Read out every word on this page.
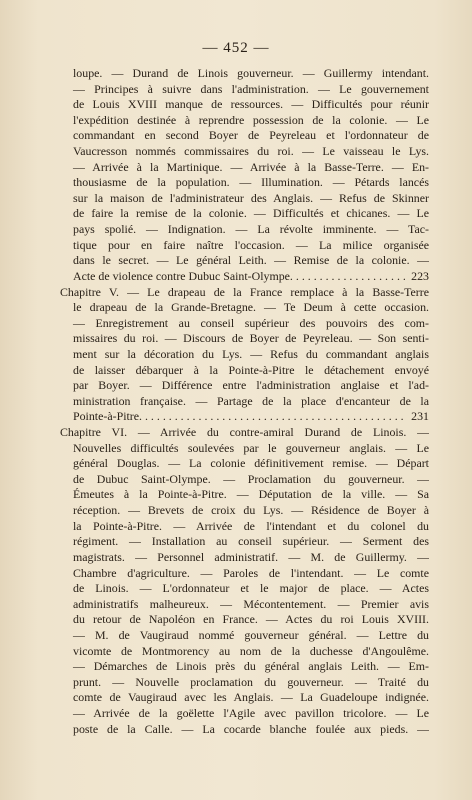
— 452 —
loupe. — Durand de Linois gouverneur. — Guillermy intendant.
— Principes à suivre dans l'administration. — Le gouvernement
de Louis XVIII manque de ressources. — Difficultés pour réunir
l'expédition destinée à reprendre possession de la colonie. — Le
commandant en second Boyer de Peyreleau et l'ordonnateur de
Vaucresson nommés commissaires du roi. — Le vaisseau le Lys.
— Arrivée à la Martinique. — Arrivée à la Basse-Terre. — En-
thousiasme de la population. — Illumination. — Pétards lancés
sur la maison de l'administrateur des Anglais. — Refus de Skinner
de faire la remise de la colonie. — Difficultés et chicanes. — Le
pays spolié. — Indignation. — La révolte imminente. — Tac-
tique pour en faire naître l'occasion. — La milice organisée
dans le secret. — Le général Leith. — Remise de la colonie. —
Acte de violence contre Dubuc Saint-Olympe. . . .	223
Chapitre V. — Le drapeau de la France remplace à la Basse-Terre
le drapeau de la Grande-Bretagne. — Te Deum à cette occasion.
— Enregistrement au conseil supérieur des pouvoirs des com-
missaires du roi. — Discours de Boyer de Peyreleau. — Son senti-
ment sur la décoration du Lys. — Refus du commandant anglais
de laisser débarquer à la Pointe-à-Pitre le détachement envoyé
par Boyer. — Différence entre l'administration anglaise et l'ad-
ministration française. — Partage de la place d'encanteur de la
Pointe-à-Pitre. . . .	231
Chapitre VI. — Arrivée du contre-amiral Durand de Linois. —
Nouvelles difficultés soulevées par le gouverneur anglais. — Le
général Douglas. — La colonie définitivement remise. — Départ
de Dubuc Saint-Olympe. — Proclamation du gouverneur. —
Émeutes à la Pointe-à-Pitre. — Députation de la ville. — Sa
réception. — Brevets de croix du Lys. — Résidence de Boyer à
la Pointe-à-Pitre. — Arrivée de l'intendant et du colonel du
régiment. — Installation au conseil supérieur. — Serment des
magistrats. — Personnel administratif. — M. de Guillermy. —
Chambre d'agriculture. — Paroles de l'intendant. — Le comte
de Linois. — L'ordonnateur et le major de place. — Actes
administratifs malheureux. — Mécontentement. — Premier avis
du retour de Napoléon en France. — Actes du roi Louis XVIII.
— M. de Vaugiraud nommé gouverneur général. — Lettre du
vicomte de Montmorency au nom de la duchesse d'Angoulême.
— Démarches de Linois près du général anglais Leith. — Em-
prunt. — Nouvelle proclamation du gouverneur. — Traité du
comte de Vaugiraud avec les Anglais. — La Guadeloupe indignée.
— Arrivée de la goëlette l'Agile avec pavillon tricolore. — Le
poste de la Calle. — La cocarde blanche foulée aux pieds. —
